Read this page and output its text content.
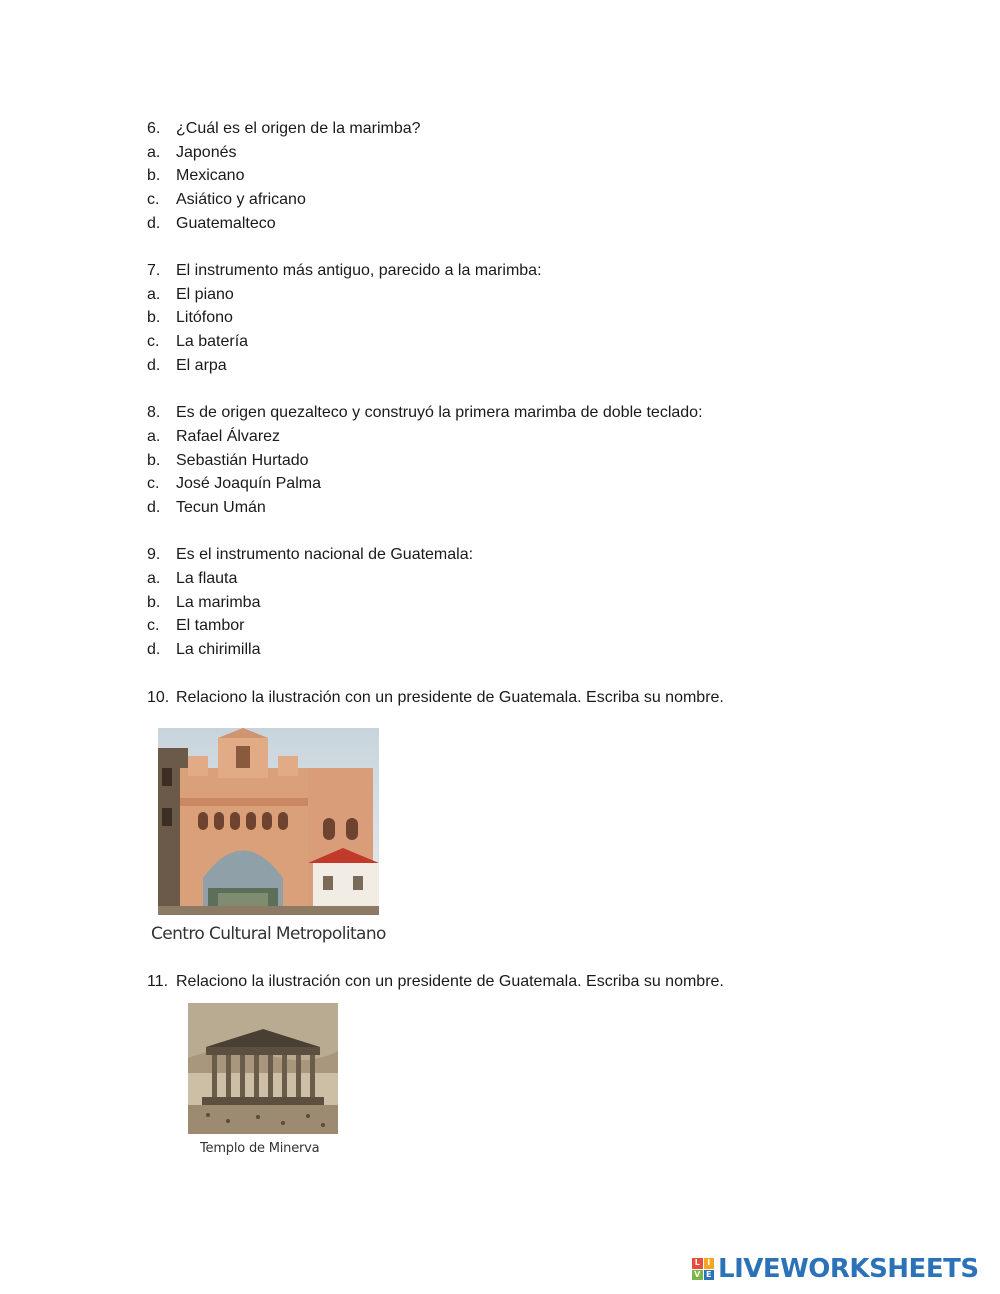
6. ¿Cuál es el origen de la marimba?
a. Japonés
b. Mexicano
c. Asiático y africano
d. Guatemalteco
7. El instrumento más antiguo, parecido a la marimba:
a. El piano
b. Litófono
c. La batería
d. El arpa
8. Es de origen quezalteco y construyó la primera marimba de doble teclado:
a. Rafael Álvarez
b. Sebastián Hurtado
c. José Joaquín Palma
d. Tecun Umán
9. Es el instrumento nacional de Guatemala:
a. La flauta
b. La marimba
c. El tambor
d. La chirimilla
10. Relaciono la ilustración con un presidente de Guatemala. Escriba su nombre.
Centro Cultural Metropolitano
11. Relaciono la ilustración con un presidente de Guatemala. Escriba su nombre.
Templo de Minerva
L I
V E LIVEWORKSHEETS
